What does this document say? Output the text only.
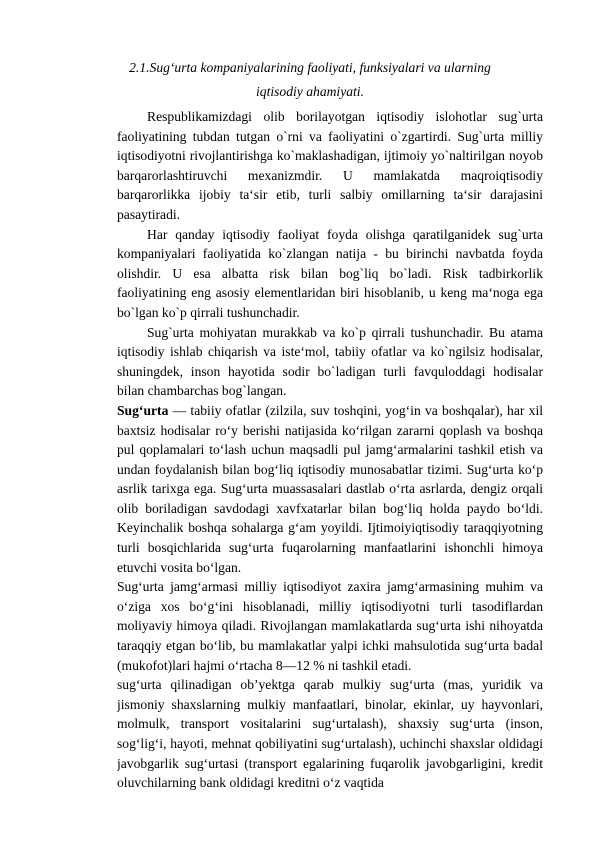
2.1.Sug‘urta kompaniyalarining faoliyati, funksiyalari va ularning

iqtisodiy ahamiyati.

Respublikamizdagi olib borilayotgan iqtisodiy islohotlar sug`urta faoliyatining tubdan tutgan o`rni va faoliyatini o`zgartirdi. Sug`urta milliy iqtisodiyotni rivojlantirishga ko`maklashadigan, ijtimoiy yo`naltirilgan noyob barqarorlashtiruvchi mexanizmdir. U mamlakatda maqroiqtisodiy barqarorlikka ijobiy ta‘sir etib, turli salbiy omillarning ta‘sir darajasini pasaytiradi.

Har qanday iqtisodiy faoliyat foyda olishga qaratilganidek sug`urta kompaniyalari faoliyatida ko`zlangan natija - bu birinchi navbatda foyda olishdir. U esa albatta risk bilan bog`liq bo`ladi. Risk tadbirkorlik faoliyatining eng asosiy elementlaridan biri hisoblanib, u keng ma‘noga ega bo`lgan ko`p qirrali tushunchadir.

Sug`urta mohiyatan murakkab va ko`p qirrali tushunchadir. Bu atama iqtisodiy ishlab chiqarish va iste‘mol, tabiiy ofatlar va ko`ngilsiz hodisalar, shuningdek, inson hayotida sodir bo`ladigan turli favquloddagi hodisalar bilan chambarchas bog`langan.

Sug‘urta — tabiiy ofatlar (zilzila, suv toshqini, yog‘in va boshqalar), har xil baxtsiz hodisalar ro‘y berishi natijasida ko‘rilgan zararni qoplash va boshqa pul qoplamalari to‘lash uchun maqsadli pul jamg‘armalarini tashkil etish va undan foydalanish bilan bog‘liq iqtisodiy munosabatlar tizimi. Sug‘urta ko‘p asrlik tarixga ega. Sug‘urta muassasalari dastlab o‘rta asrlarda, dengiz orqali olib boriladigan savdodagi xavfxatarlar bilan bog‘liq holda paydo bo‘ldi. Keyinchalik boshqa sohalarga g‘am yoyildi. Ijtimoiyiqtisodiy taraqqiyotning turli bosqichlarida sug‘urta fuqarolarning manfaatlarini ishonchli himoya etuvchi vosita bo‘lgan.

Sug‘urta jamg‘armasi milliy iqtisodiyot zaxira jamg‘armasining muhim va o‘ziga xos bo‘g‘ini hisoblanadi, milliy iqtisodiyotni turli tasodiflardan moliyaviy himoya qiladi. Rivojlangan mamlakatlarda sug‘urta ishi nihoyatda taraqqiy etgan bo‘lib, bu mamlakatlar yalpi ichki mahsulotida sug‘urta badal (mukofot)lari hajmi o‘rtacha 8—12 % ni tashkil etadi.

sug‘urta qilinadigan ob’yektga qarab mulkiy sug‘urta (mas, yuridik va jismoniy shaxslarning mulkiy manfaatlari, binolar, ekinlar, uy hayvonlari, molmulk, transport vositalarini sug‘urtalash), shaxsiy sug‘urta (inson, sog‘lig‘i, hayoti, mehnat qobiliyatini sug‘urtalash), uchinchi shaxslar oldidagi javobgarlik sug‘urtasi (transport egalarining fuqarolik javobgarligini, kredit oluvchilarning bank oldidagi kreditni o‘z vaqtida
